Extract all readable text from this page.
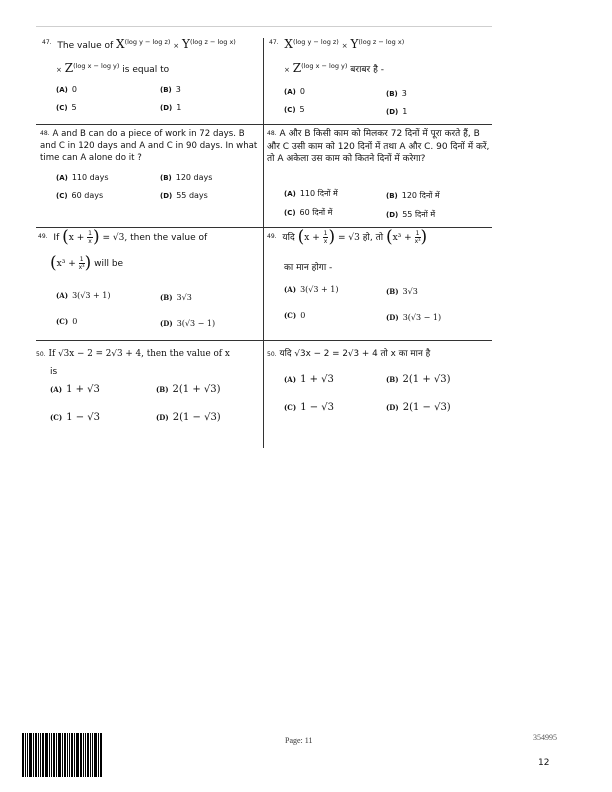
$^{47.}$ The value of $X^{(log y - log z)} \times Y^{(log z - log x)}$
× $Z^{(log x - log y)}$ is equal to
(A) 0	(B) 3
(C) 5	(D) 1
$^{47.}$ $X^{(log y - log z)} \times Y^{(log z - log x)}$
× $Z^{(log x - log y)}$ बराबर है -
(A) 0	(B) 3
(C) 5	(D) 1
$^{48.}$ A and B can do a piece of work in 72 days. B and C in 120 days and A and C in 90 days. In what time can A alone do it ?
(A) 110 days	(B) 120 days
(C) 60 days	(D) 55 days
$^{48.}$ A और B किसी काम को मिलकर 72 दिनों में पूरा करते हैं, B और C उसी काम को 120 दिनों में तथा A और C. 90 दिनों में करें, तो A अकेला उस काम को कितने दिनों में करेगा?
(A) 110 दिनों में	(B) 120 दिनों में
(C) 60 दिनों में	(D) 55 दिनों में
$^{49.}$ If ($x + \frac{1}{x}$ ) = √3, then the value of
($x^3 + \frac{1}{\text{x³}}$ ) will be
(A) 3(√3 + 1)	(B) 3√3
(C) 0	(D) 3(√3 − 1)
$^{49.}$ यदि ($x + \frac{1}{x}$ ) = √3 हो, तो ($x^3 + \frac{1}{\text{x³}}$ )
का मान होगा -
(A) 3(√3 + 1)	(B) 3√3
(C) 0	(D) 3(√3 − 1)
$^{50.}$ If √3x − 2 = 2√3 + 4, then the value of x
is
(A) 1 + √3	(B) 2(1 + √3)
(C) 1 − √3	(D) 2(1 − √3)
$^{50.}$ यदि √3x − 2 = 2√3 + 4 तो x का मान है
(A) 1 + √3	(B) 2(1 + √3)
(C) 1 − √3	(D) 2(1 − √3)
Page: 11	354995
12
